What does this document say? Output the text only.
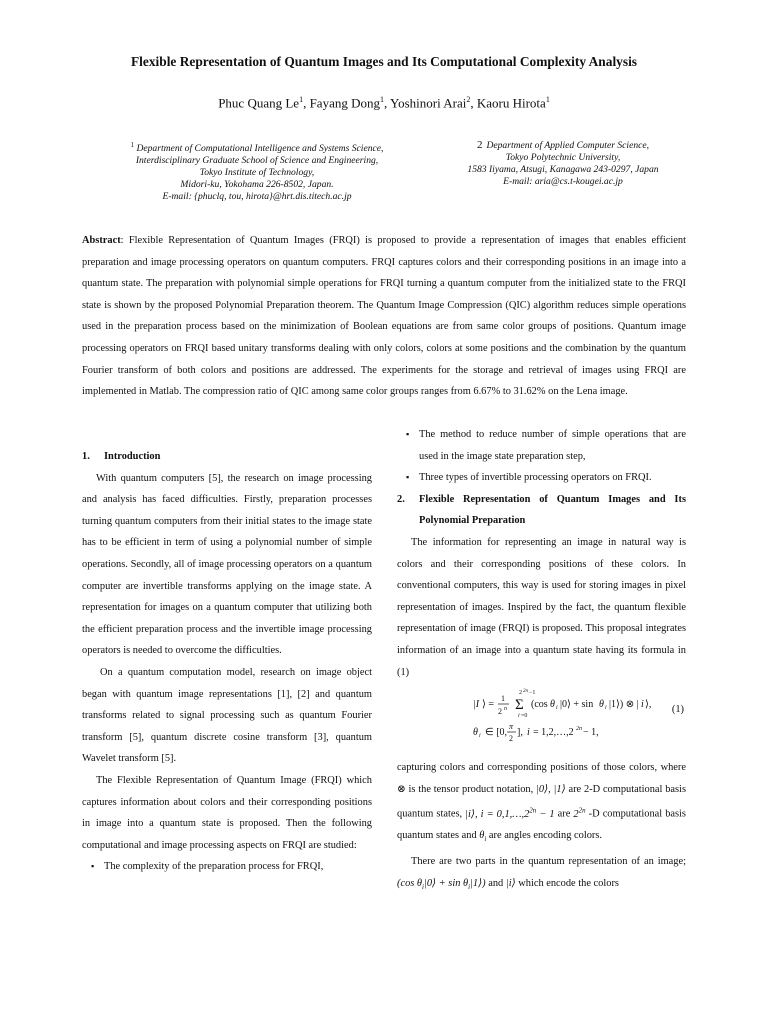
Flexible Representation of Quantum Images and Its Computational Complexity Analysis
Phuc Quang Le$^1$, Fayang Dong$^1$, Yoshinori Arai$^2$, Kaoru Hirota$^1$
$^1$ Department of Computational Intelligence and Systems Science,
Interdisciplinary Graduate School of Science and Engineering,
Tokyo Institute of Technology,
Midori-ku, Yokohama 226-8502, Japan.
E-mail: {phuclq, tou, hirota}@hrt.dis.titech.ac.jp
2 Department of Applied Computer Science,
Tokyo Polytechnic University,
1583 Iiyama, Atsugi, Kanagawa 243-0297, Japan
E-mail: aria@cs.t-kougei.ac.jp
Abstract: Flexible Representation of Quantum Images (FRQI) is proposed to provide a representation of images that enables efficient preparation and image processing operators on quantum computers. FRQI captures colors and their corresponding positions in an image into a quantum state. The preparation with polynomial simple operations for FRQI turning a quantum computer from the initialized state to the FRQI state is shown by the proposed Polynomial Preparation theorem. The Quantum Image Compression (QIC) algorithm reduces simple operations used in the preparation process based on the minimization of Boolean equations are from same color groups of positions. Quantum image processing operators on FRQI based unitary transforms dealing with only colors, colors at some positions and the combination by the quantum Fourier transform of both colors and positions are addressed. The experiments for the storage and retrieval of images using FRQI are implemented in Matlab. The compression ratio of QIC among same color groups ranges from 6.67% to 31.62% on the Lena image.

1. Introduction

With quantum computers [5], the research on image processing and analysis has faced difficulties. Firstly, preparation processes turning quantum computers from their initial states to the image state has to be efficient in term of using a polynomial number of simple operations. Secondly, all of image processing operators on a quantum computer are invertible transforms applying on the image state. A representation for images on a quantum computer that utilizing both the efficient preparation process and the invertible image processing operators is needed to overcome the difficulties.

On a quantum computation model, research on image object began with quantum image representations [1], [2] and quantum transforms related to signal processing such as quantum Fourier transform [5], quantum discrete cosine transform [3], quantum Wavelet transform [5].

The Flexible Representation of Quantum Image (FRQI) which captures information about colors and their corresponding positions in image into a quantum state is proposed. Then the following computational and image processing aspects on FRQI are studied:

▪ The complexity of the preparation process for FRQI,

▪ The method to reduce number of simple operations that are used in the image state preparation step,

▪ Three types of invertible processing operators on FRQI.

2. Flexible Representation of Quantum Images and Its Polynomial Preparation

The information for representing an image in natural way is colors and their corresponding positions of these colors. In conventional computers, this way is used for storing images in pixel representation of images. Inspired by the fact, the quantum flexible representation of image (FRQI) is proposed. This proposal integrates information of an image into a quantum state having its formula in (1)

|I ⟩ =
1
2 n
2 2n −1
Σ
i =0
(cos θ i |0⟩ + sin θ i |1⟩) ⊗ | i ⟩,
θ i ∈ [0,
π
2
], i = 1,2,…,2 2n − 1,
(1)

capturing colors and corresponding positions of those colors, where ⊗ is the tensor product notation, |0⟩, |1⟩ are 2-D computational basis quantum states, |i⟩, $i = 0,1,\dots,2^{2n} - 1$ are $2^{2n}$ -D computational basis quantum states and $\theta_i$ are angles encoding colors.

There are two parts in the quantum representation of an image; (cos $\theta_i|0⟩ + \sin$ $\theta_i|1⟩$) and |i⟩ which encode the colors
